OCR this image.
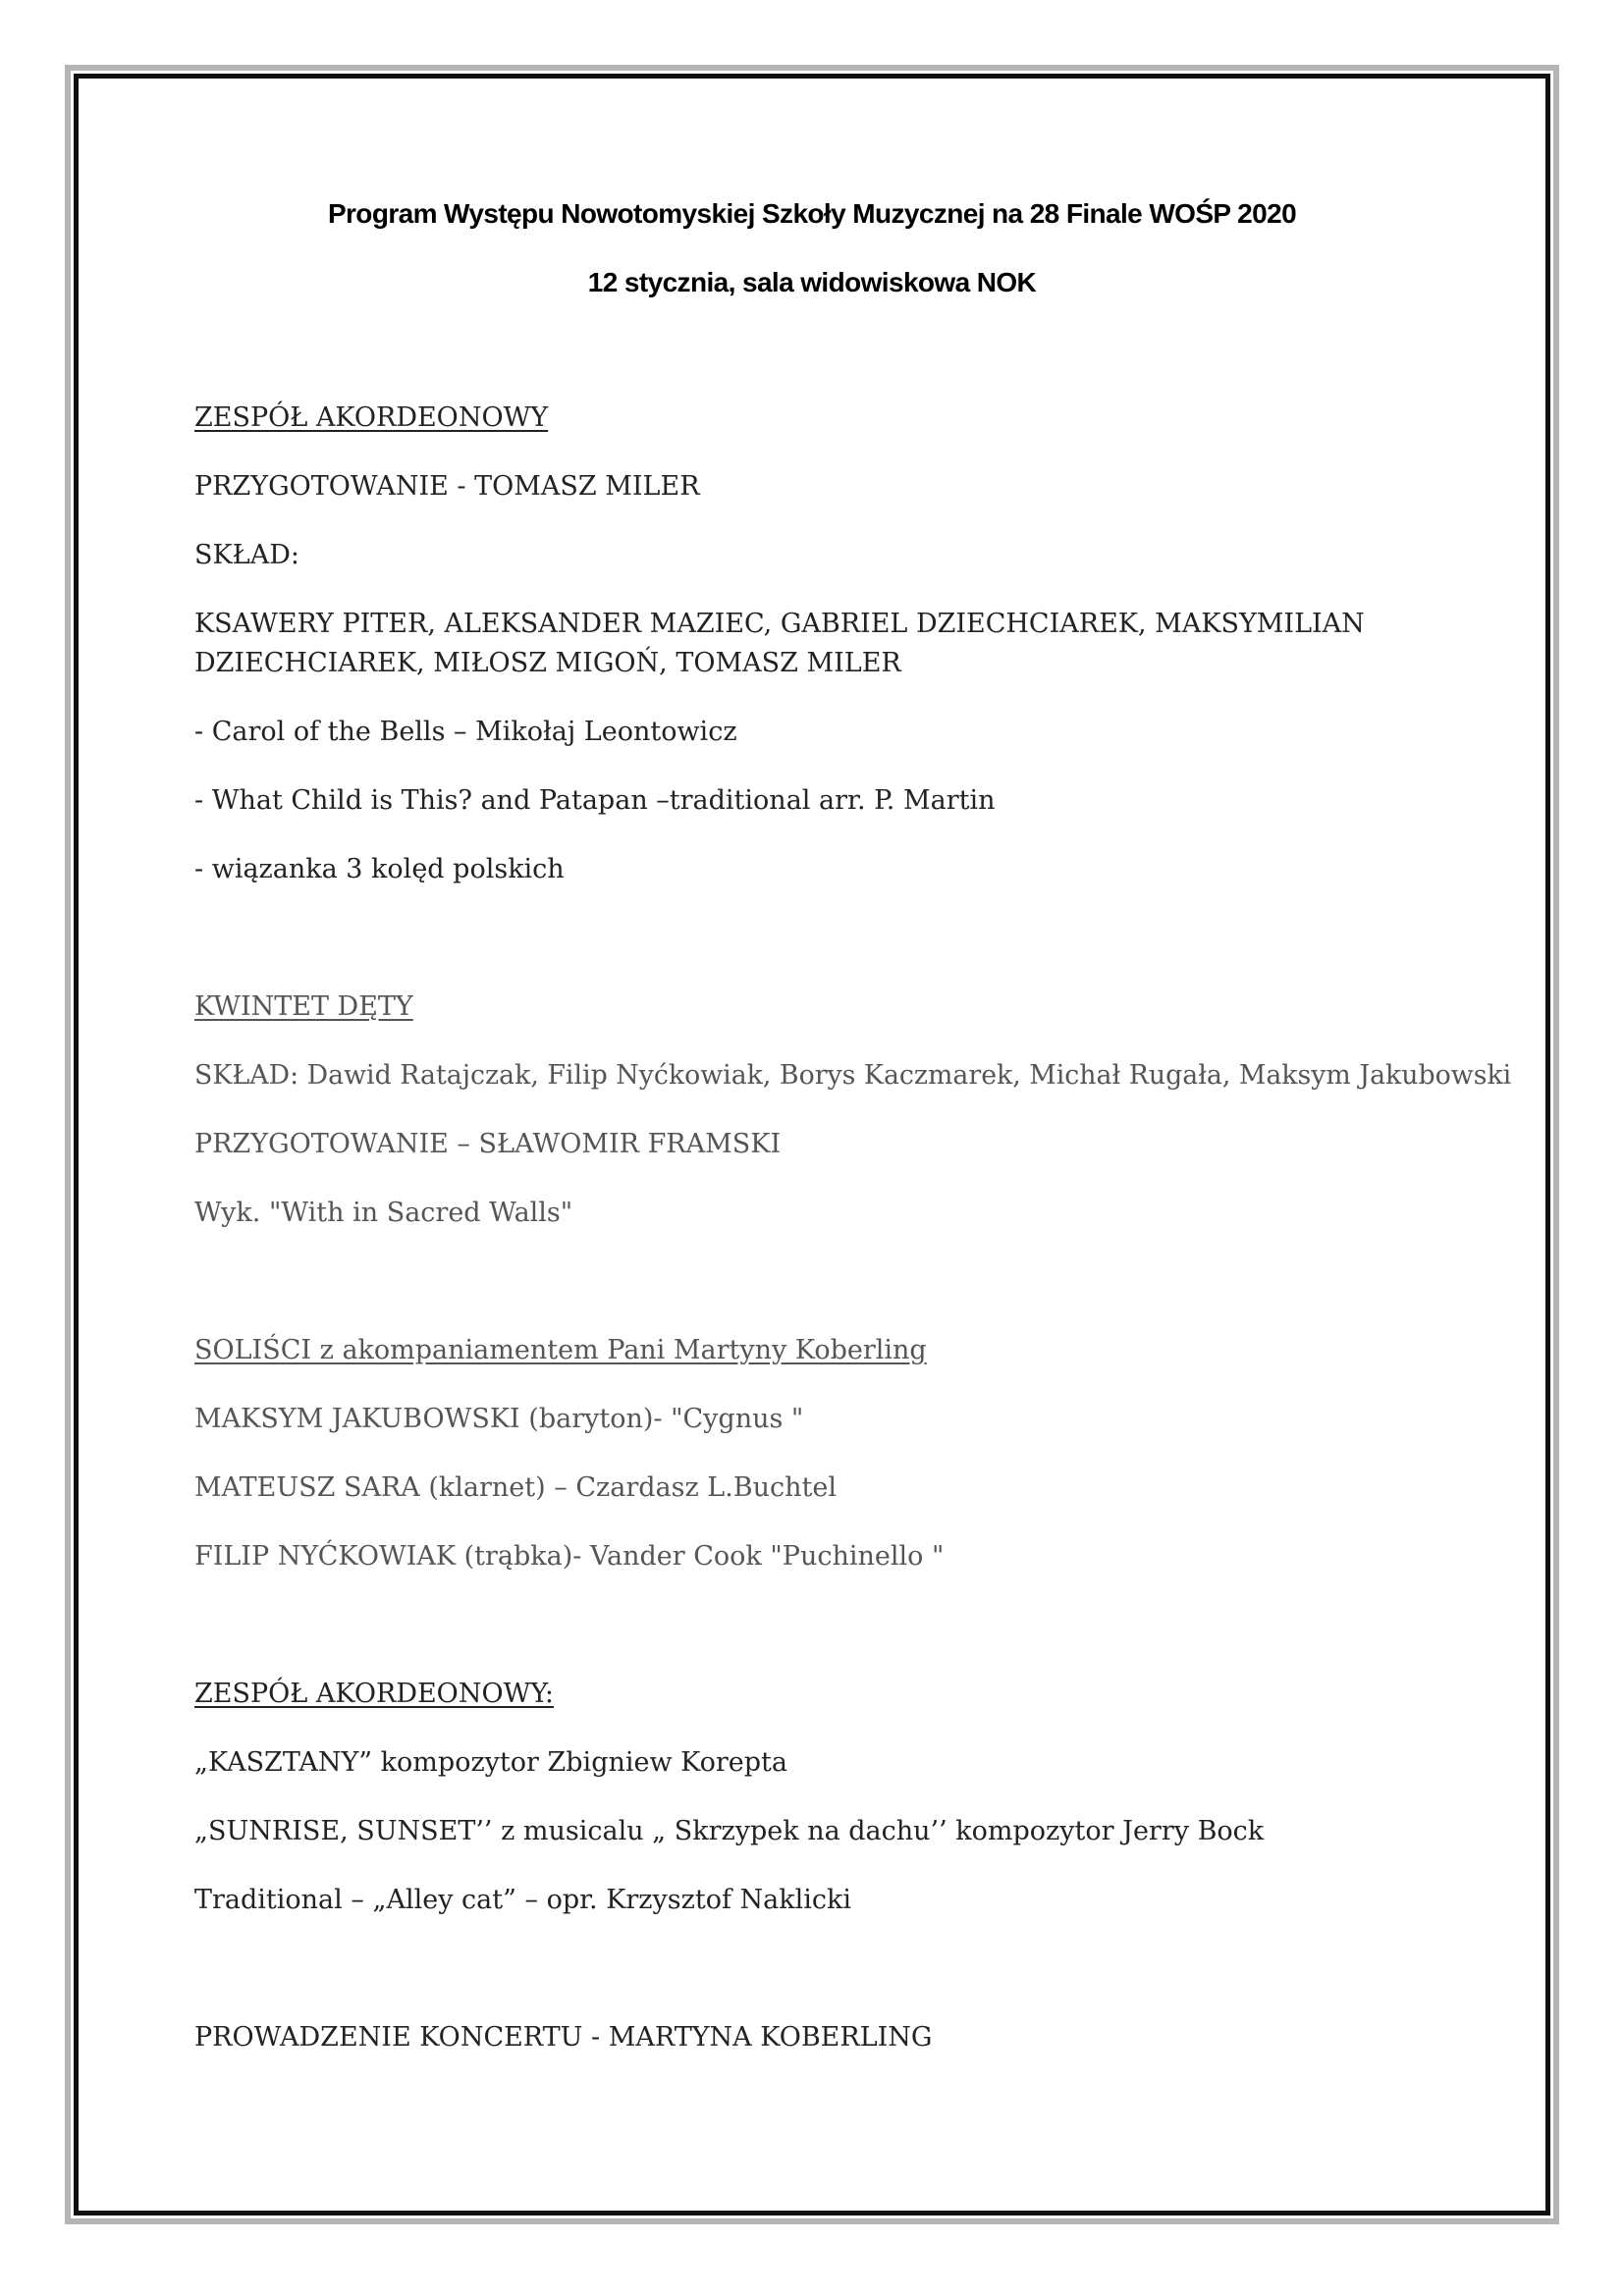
Program Występu Nowotomyskiej Szkoły Muzycznej na 28 Finale WOŚP 2020
12 stycznia, sala widowiskowa NOK
ZESPÓŁ AKORDEONOWY
PRZYGOTOWANIE - TOMASZ MILER
SKŁAD:
KSAWERY PITER, ALEKSANDER MAZIEC, GABRIEL DZIECHCIAREK, MAKSYMILIAN
DZIECHCIAREK, MIŁOSZ MIGOŃ, TOMASZ MILER
- Carol of the Bells – Mikołaj Leontowicz
- What Child is This? and Patapan –traditional arr. P. Martin
- wiązanka 3 kolęd polskich
KWINTET DĘTY
SKŁAD: Dawid Ratajczak, Filip Nyćkowiak, Borys Kaczmarek, Michał Rugała, Maksym Jakubowski
PRZYGOTOWANIE – SŁAWOMIR FRAMSKI
Wyk. "With in Sacred Walls"
SOLIŚCI z akompaniamentem Pani Martyny Koberling
MAKSYM JAKUBOWSKI (baryton)- "Cygnus "
MATEUSZ SARA (klarnet) – Czardasz L.Buchtel
FILIP NYĆKOWIAK (trąbka)- Vander Cook "Puchinello "
ZESPÓŁ AKORDEONOWY:
„KASZTANY” kompozytor Zbigniew Korepta
„SUNRISE, SUNSET’’ z musicalu „ Skrzypek na dachu’’ kompozytor Jerry Bock
Traditional – „Alley cat” – opr. Krzysztof Naklicki
PROWADZENIE KONCERTU - MARTYNA KOBERLING
